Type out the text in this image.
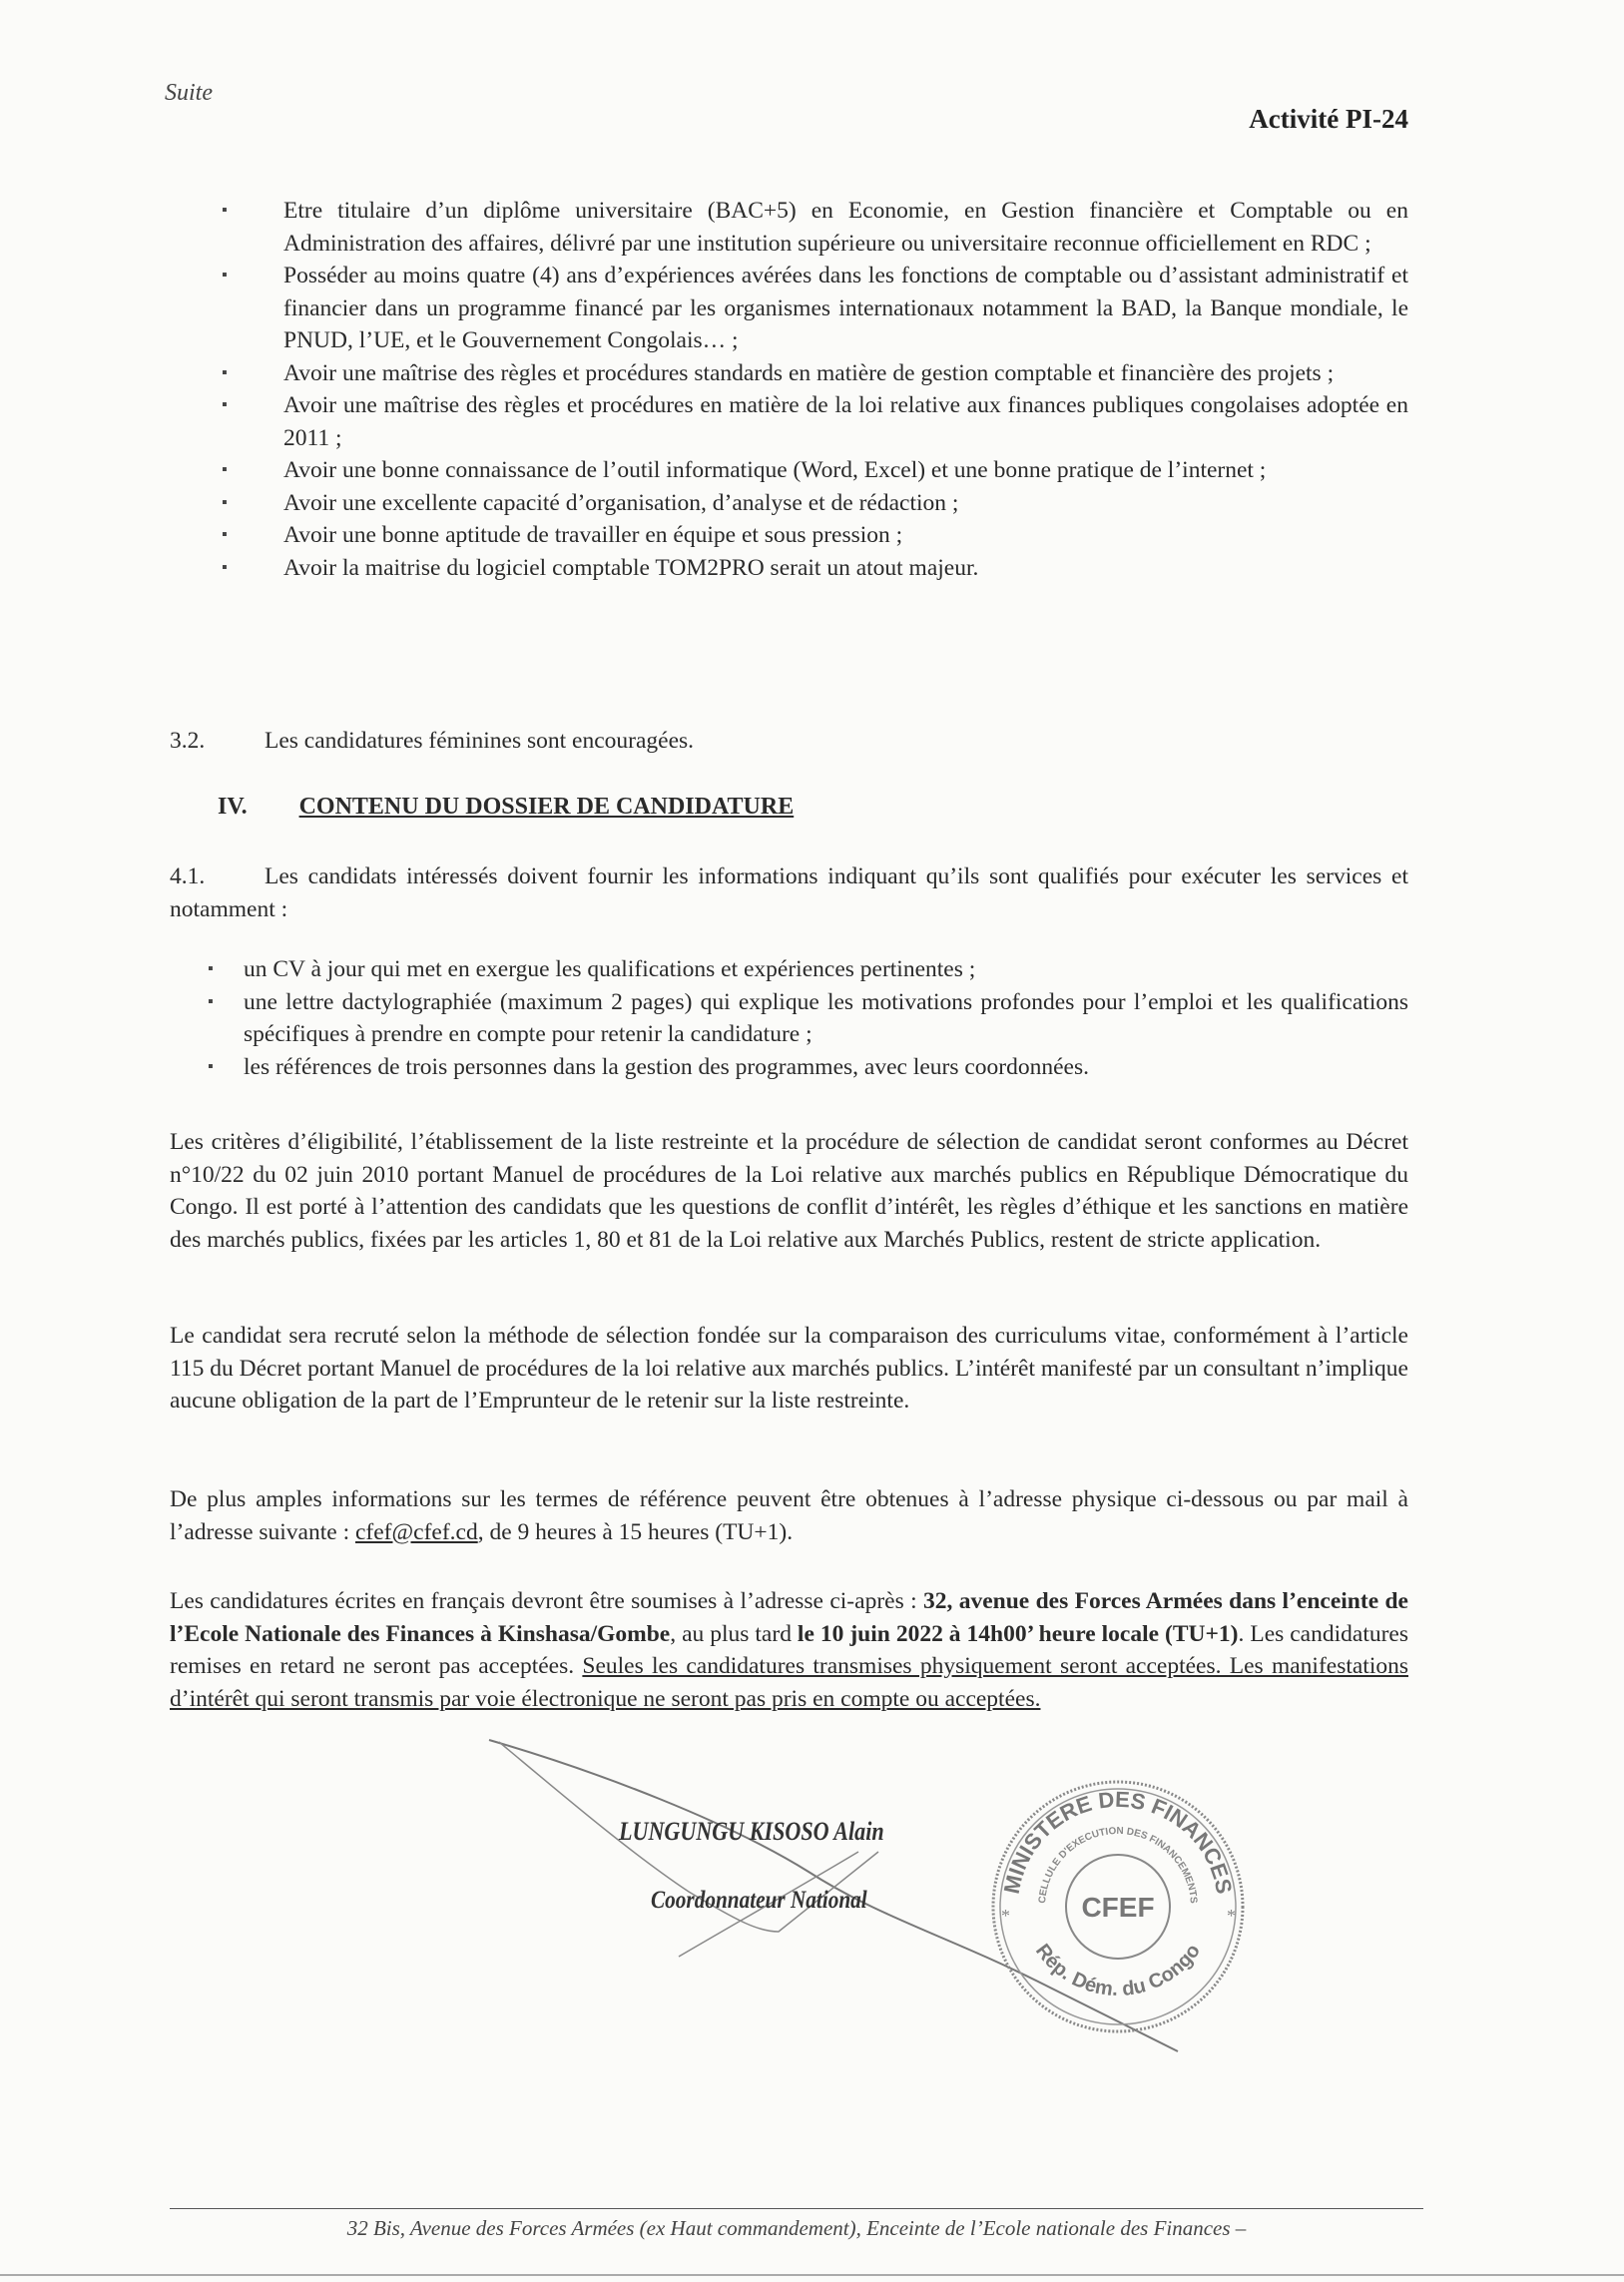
Suite
Activité PI-24
▪ Etre titulaire d’un diplôme universitaire (BAC+5) en Economie, en Gestion financière et Comptable ou en Administration des affaires, délivré par une institution supérieure ou universitaire reconnue officiellement en RDC ;
▪ Posséder au moins quatre (4) ans d’expériences avérées dans les fonctions de comptable ou d’assistant administratif et financier dans un programme financé par les organismes internationaux notamment la BAD, la Banque mondiale, le PNUD, l’UE, et le Gouvernement Congolais… ;
▪ Avoir une maîtrise des règles et procédures standards en matière de gestion comptable et financière des projets ;
▪ Avoir une maîtrise des règles et procédures en matière de la loi relative aux finances publiques congolaises adoptée en 2011 ;
▪ Avoir une bonne connaissance de l’outil informatique (Word, Excel) et une bonne pratique de l’internet ;
▪ Avoir une excellente capacité d’organisation, d’analyse et de rédaction ;
▪ Avoir une bonne aptitude de travailler en équipe et sous pression ;
▪ Avoir la maitrise du logiciel comptable TOM2PRO serait un atout majeur.
3.2.	Les candidatures féminines sont encouragées.
IV. CONTENU DU DOSSIER DE CANDIDATURE
4.1.	Les candidats intéressés doivent fournir les informations indiquant qu’ils sont qualifiés pour exécuter les services et notamment :
▪ un CV à jour qui met en exergue les qualifications et expériences pertinentes ;
▪ une lettre dactylographiée (maximum 2 pages) qui explique les motivations profondes pour l’emploi et les qualifications spécifiques à prendre en compte pour retenir la candidature ;
▪ les références de trois personnes dans la gestion des programmes, avec leurs coordonnées.
Les critères d’éligibilité, l’établissement de la liste restreinte et la procédure de sélection de candidat seront conformes au Décret n°10/22 du 02 juin 2010 portant Manuel de procédures de la Loi relative aux marchés publics en République Démocratique du Congo. Il est porté à l’attention des candidats que les questions de conflit d’intérêt, les règles d’éthique et les sanctions en matière des marchés publics, fixées par les articles 1, 80 et 81 de la Loi relative aux Marchés Publics, restent de stricte application.
Le candidat sera recruté selon la méthode de sélection fondée sur la comparaison des curriculums vitae, conformément à l’article 115 du Décret portant Manuel de procédures de la loi relative aux marchés publics. L’intérêt manifesté par un consultant n’implique aucune obligation de la part de l’Emprunteur de le retenir sur la liste restreinte.
De plus amples informations sur les termes de référence peuvent être obtenues à l’adresse physique ci-dessous ou par mail à l’adresse suivante : cfef@cfef.cd, de 9 heures à 15 heures (TU+1).
Les candidatures écrites en français devront être soumises à l’adresse ci-après : 32, avenue des Forces Armées dans l’enceinte de l’Ecole Nationale des Finances à Kinshasa/Gombe, au plus tard le 10 juin 2022 à 14h00’ heure locale (TU+1). Les candidatures remises en retard ne seront pas acceptées. Seules les candidatures transmises physiquement seront acceptées. Les manifestations d’intérêt qui seront transmis par voie électronique ne seront pas pris en compte ou acceptées.
LUNGUNGU KISOSO Alain
Coordonnateur National
MINISTERE DES FINANCES
CELLULE D'EXECUTION DES FINANCEMENTS
Rép. Dém. du Congo
CFEF
*	*
32 Bis, Avenue des Forces Armées (ex Haut commandement), Enceinte de l’Ecole nationale des Finances –
